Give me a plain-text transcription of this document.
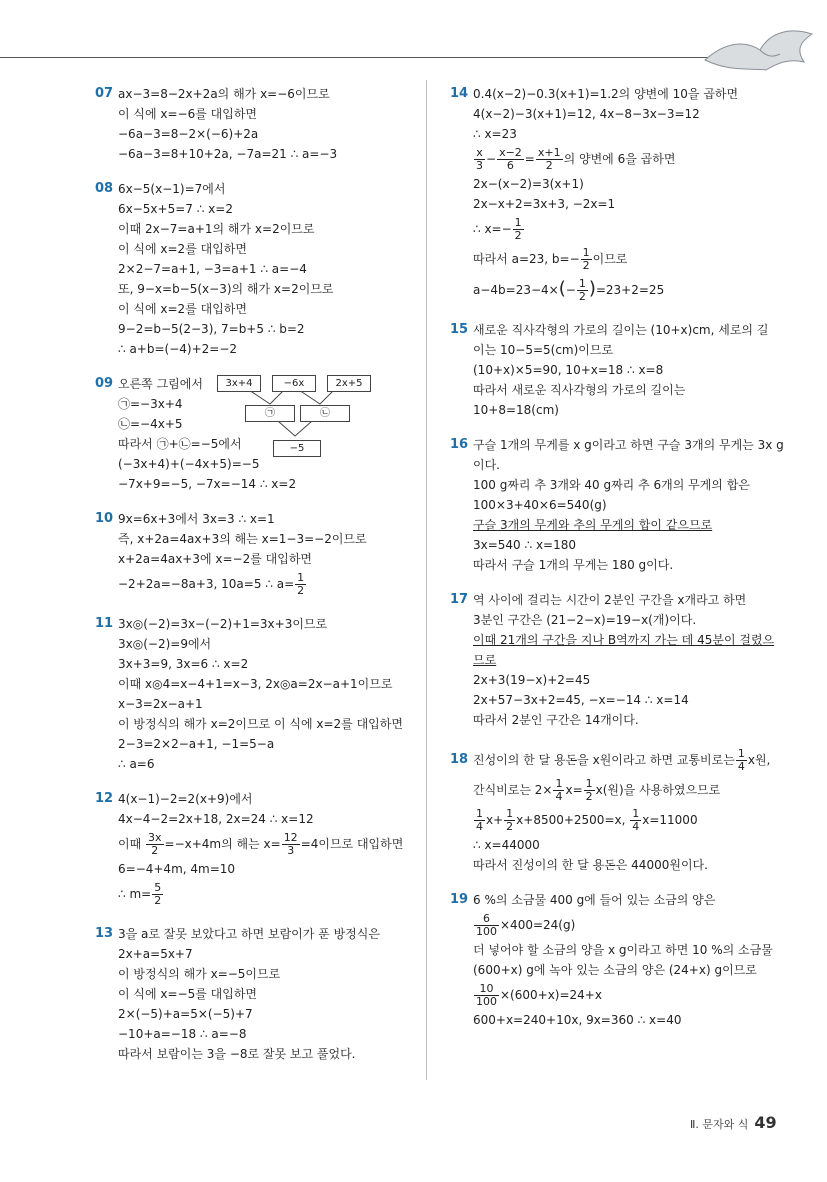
07 ax−3=8−2x+2a의 해가 x=−6이므로
이 식에 x=−6를 대입하면
−6a−3=8−2×(−6)+2a
−6a−3=8+10+2a, −7a=21 ∴ a=−3
08 6x−5(x−1)=7에서
6x−5x+5=7 ∴ x=2
이때 2x−7=a+1의 해가 x=2이므로
이 식에 x=2를 대입하면
2×2−7=a+1, −3=a+1 ∴ a=−4
또, 9−x=b−5(x−3)의 해가 x=2이므로
이 식에 x=2를 대입하면
9−2=b−5(2−3), 7=b+5 ∴ b=2
∴ a+b=(−4)+2=−2
09 오른쪽 그림에서
㉠=−3x+4
㉡=−4x+5
따라서 ㉠+㉡=−5에서
(−3x+4)+(−4x+5)=−5
−7x+9=−5, −7x=−14 ∴ x=2
3x+4	−6x	2x+5
㉠	㉡
−5
10 9x=6x+3에서 3x=3 ∴ x=1
즉, x+2a=4ax+3의 해는 x=1−3=−2이므로
x+2a=4ax+3에 x=−2를 대입하면
−2+2a=−8a+3, 10a=5 ∴ $a= \frac{1}{2}$
11 3x◎(−2)=3x−(−2)+1=3x+3이므로
3x◎(−2)=9에서
3x+3=9, 3x=6 ∴ x=2
이때 x◎4=x−4+1=x−3, 2x◎a=2x−a+1이므로
x−3=2x−a+1
이 방정식의 해가 x=2이므로 이 식에 x=2를 대입하면
2−3=2×2−a+1, −1=5−a
∴ a=6
12 4(x−1)−2=2(x+9)에서
4x−4−2=2x+18, 2x=24 ∴ x=12
이때 $\frac{3x}{2} =-x+4m$의 해는 $x= \frac{12}{3} =4$이므로 대입하면
6=−4+4m, 4m=10
∴ $m= \frac{5}{2}$
13 3을 a로 잘못 보았다고 하면 보람이가 푼 방정식은
2x+a=5x+7
이 방정식의 해가 x=−5이므로
이 식에 x=−5를 대입하면
2×(−5)+a=5×(−5)+7
−10+a=−18 ∴ a=−8
따라서 보람이는 3을 −8로 잘못 보고 풀었다.
14 0.4(x−2)−0.3(x+1)=1.2의 양변에 10을 곱하면
4(x−2)−3(x+1)=12, 4x−8−3x−3=12
∴ x=23
$\frac{x}{3} - \frac{x-2}{6} = \frac{x+1}{2}$ 의 양변에 6을 곱하면
2x−(x−2)=3(x+1)
2x−x+2=3x+3, −2x=1
∴ $x=- \frac{1}{2}$
따라서 a=23, $b=- \frac{1}{2}$ 이므로
$a-4b=23-4\times(- \frac{1}{2} )=23+2=25$
15 새로운 직사각형의 가로의 길이는 (10+x)cm, 세로의 길
이는 10−5=5(cm)이므로
(10+x)×5=90, 10+x=18 ∴ x=8
따라서 새로운 직사각형의 가로의 길이는
10+8=18(cm)
16 구슬 1개의 무게를 x g이라고 하면 구슬 3개의 무게는 3x g
이다.
100 g짜리 추 3개와 40 g짜리 추 6개의 무게의 합은
100×3+40×6=540(g)
구슬 3개의 무게와 추의 무게의 합이 같으므로
3x=540 ∴ x=180
따라서 구슬 1개의 무게는 180 g이다.
17 역 사이에 걸리는 시간이 2분인 구간을 x개라고 하면
3분인 구간은 (21−2−x)=19−x(개)이다.
이때 21개의 구간을 지나 B역까지 가는 데 45분이 걸렸으
므로
2x+3(19−x)+2=45
2x+57−3x+2=45, −x=−14 ∴ x=14
따라서 2분인 구간은 14개이다.
18 진성이의 한 달 용돈을 x원이라고 하면 교통비로는 $\frac{1}{4}$ x원,
간식비로는 $2\times \frac{1}{4} x= \frac{1}{2} x$(원)을 사용하였으므로
$\frac{1}{4} x+ \frac{1}{2} x+8500+2500=x$, $\frac{1}{4} x=11000$
∴ x=44000
따라서 진성이의 한 달 용돈은 44000원이다.
19 6 %의 소금물 400 g에 들어 있는 소금의 양은
$\frac{6}{100} \times 400=24(g)$
더 넣어야 할 소금의 양을 x g이라고 하면 10 %의 소금물
(600+x) g에 녹아 있는 소금의 양은 (24+x) g이므로
$\frac{10}{100} \times(600+x)=24+x$
600+x=240+10x, 9x=360 ∴ x=40
Ⅱ. 문자와 식 49
